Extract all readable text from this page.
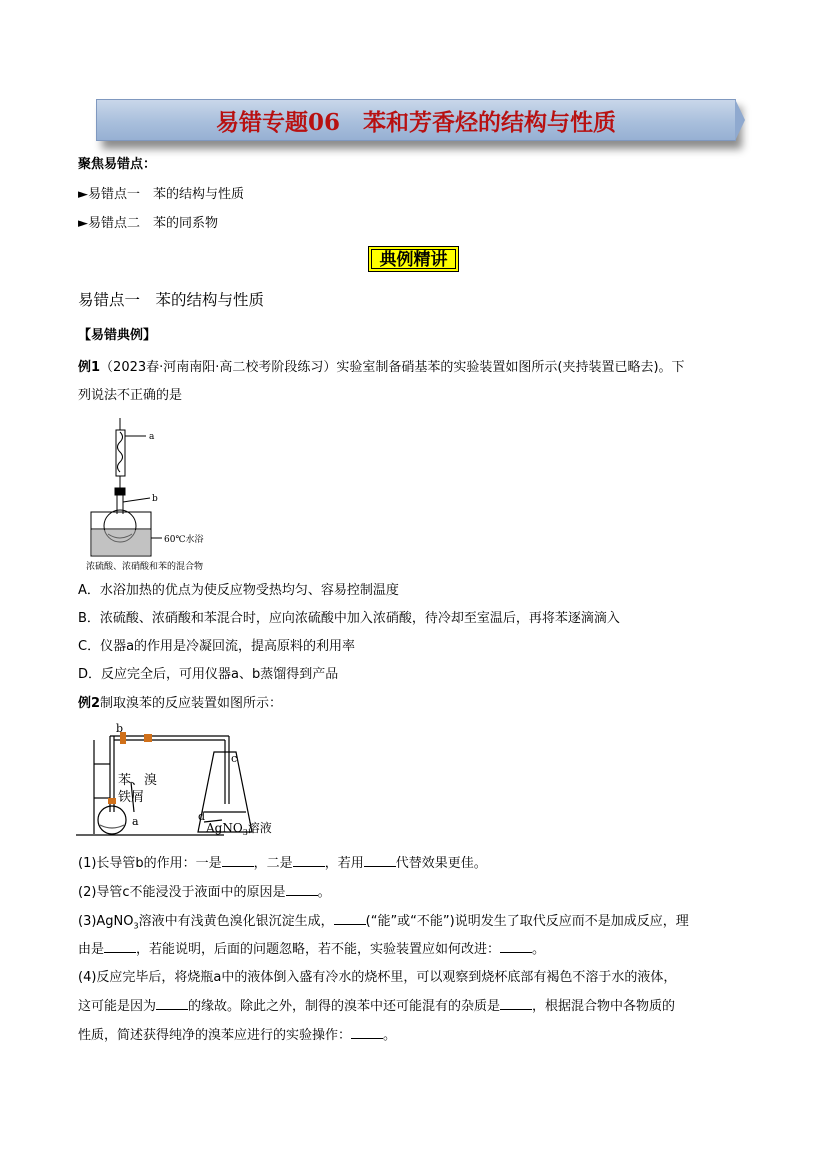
易错专题06　苯和芳香烃的结构与性质
聚焦易错点：
►易错点一　苯的结构与性质
►易错点二　苯的同系物
典例精讲
易错点一　苯的结构与性质
【易错典例】
例1（2023春·河南南阳·高二校考阶段练习）实验室制备硝基苯的实验装置如图所示(夹持装置已略去)。下
列说法不正确的是
a
b
60℃水浴
浓硫酸、浓硝酸和苯的混合物
A．水浴加热的优点为使反应物受热均匀、容易控制温度
B．浓硫酸、浓硝酸和苯混合时，应向浓硫酸中加入浓硝酸，待冷却至室温后，再将苯逐滴滴入
C．仪器a的作用是冷凝回流，提高原料的利用率
D．反应完全后，可用仪器a、b蒸馏得到产品
例2制取溴苯的反应装置如图所示：
b
c
d
a
苯、溴
铁屑
AgNO$_3$溶液
(1)长导管b的作用：一是 ，二是 ，若用 代替效果更佳。
(2)导管c不能浸没于液面中的原因是 。
(3)AgNO$_3$溶液中有浅黄色溴化银沉淀生成， (“能”或“不能”)说明发生了取代反应而不是加成反应，理
由是 ，若能说明，后面的问题忽略，若不能，实验装置应如何改进： 。
(4)反应完毕后，将烧瓶a中的液体倒入盛有冷水的烧杯里，可以观察到烧杯底部有褐色不溶于水的液体，
这可能是因为 的缘故。除此之外，制得的溴苯中还可能混有的杂质是 ，根据混合物中各物质的
性质，简述获得纯净的溴苯应进行的实验操作： 。
